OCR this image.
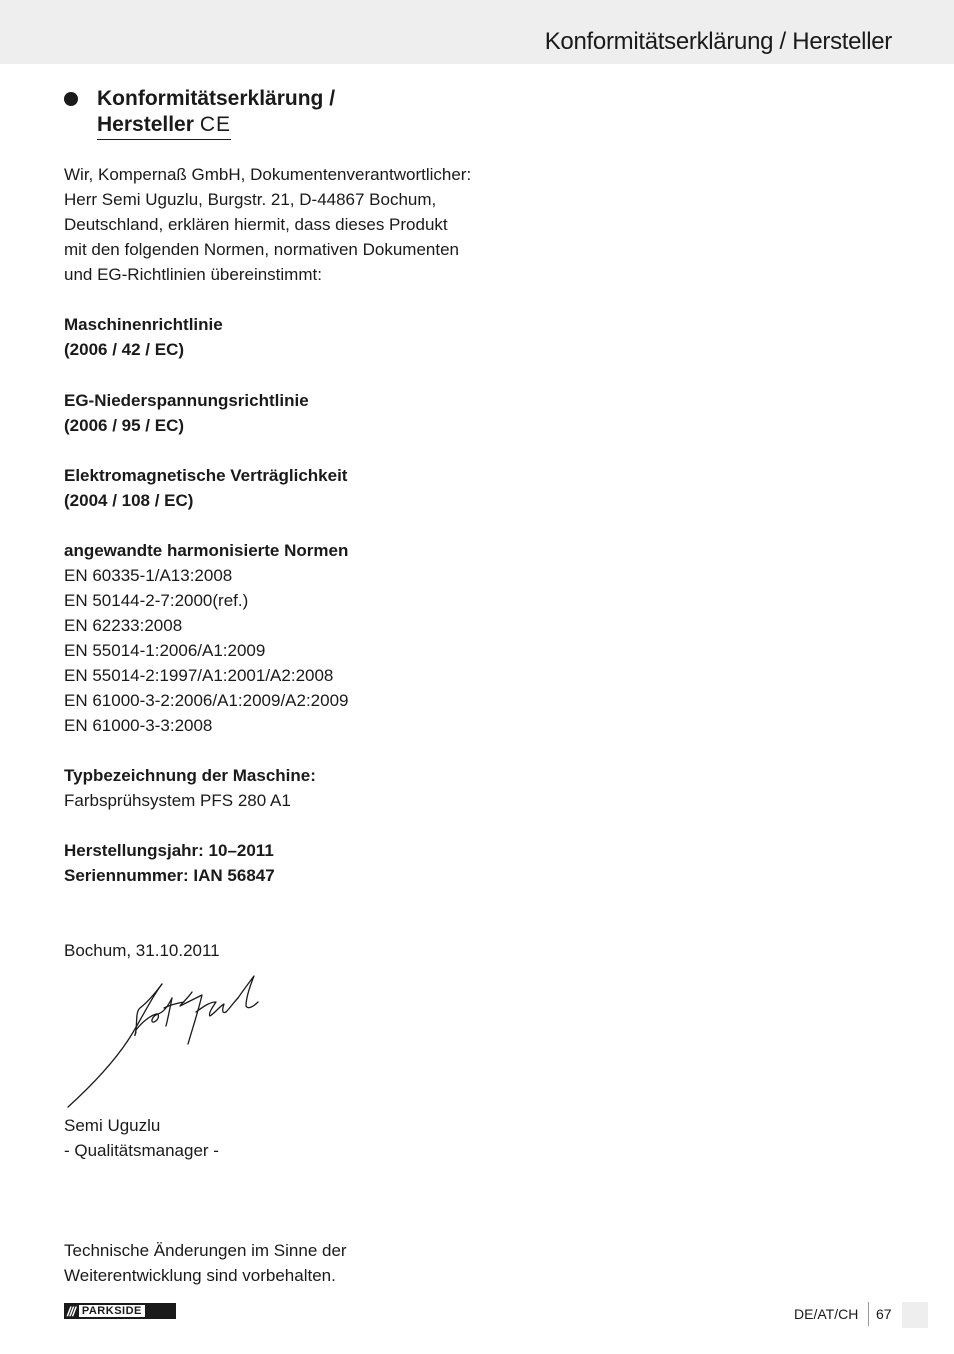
Konformitätserklärung / Hersteller
Konformitätserklärung /
Hersteller CE

Wir, Kompernaß GmbH, Dokumentenverantwortlicher:

Herr Semi Uguzlu, Burgstr. 21, D-44867 Bochum,

Deutschland, erklären hiermit, dass dieses Produkt

mit den folgenden Normen, normativen Dokumenten

und EG-Richtlinien übereinstimmt:

Maschinenrichtlinie

(2006 / 42 / EC)

EG-Niederspannungsrichtlinie

(2006 / 95 / EC)

Elektromagnetische Verträglichkeit

(2004 / 108 / EC)

angewandte harmonisierte Normen

EN 60335-1/A13:2008

EN 50144-2-7:2000(ref.)

EN 62233:2008

EN 55014-1:2006/A1:2009

EN 55014-2:1997/A1:2001/A2:2008

EN 61000-3-2:2006/A1:2009/A2:2009

EN 61000-3-3:2008

Typbezeichnung der Maschine:

Farbsprühsystem PFS 280 A1

Herstellungsjahr: 10–2011

Seriennummer: IAN 56847

Bochum, 31.10.2011

Semi Uguzlu

- Qualitätsmanager -

Technische Änderungen im Sinne der

Weiterentwicklung sind vorbehalten.

/// PARKSIDE	DE/AT/CH 67
